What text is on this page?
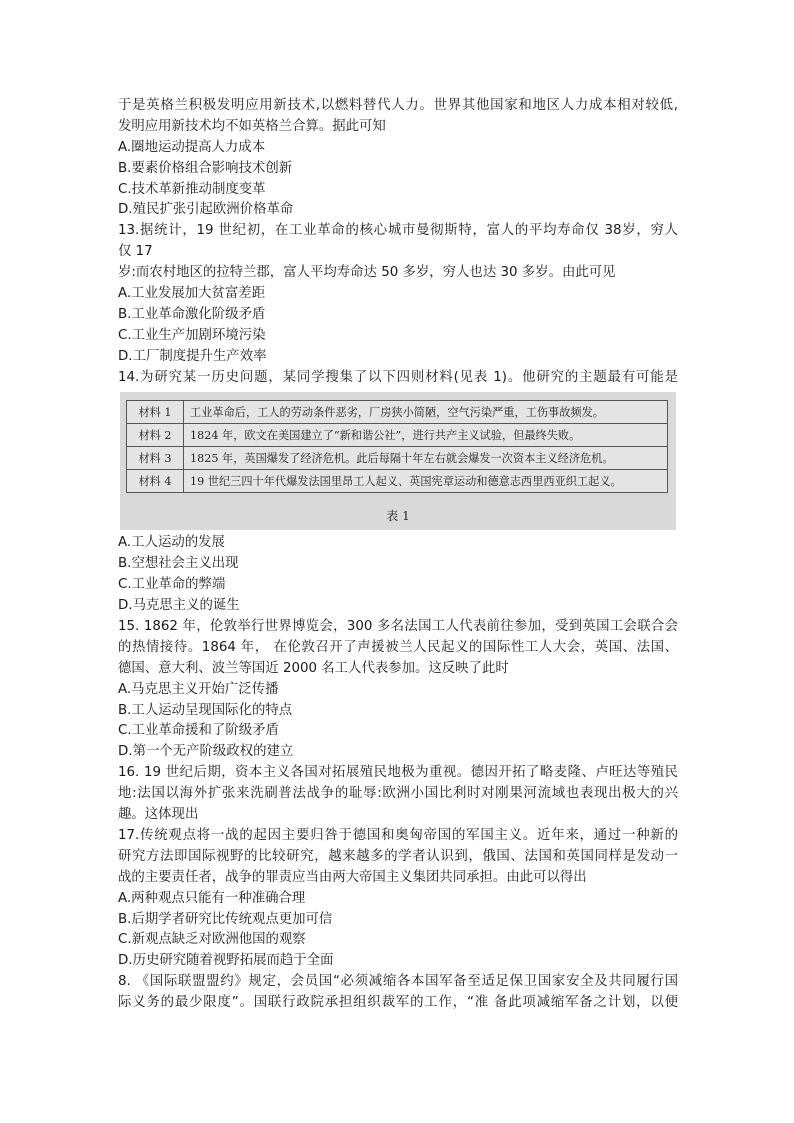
于是英格兰积极发明应用新技术,以燃料替代人力。世界其他国家和地区人力成本相对较低,
发明应用新技术均不如英格兰合算。据此可知
A.圈地运动提高人力成本
B.要素价格组合影响技术创新
C.技术革新推动制度变革
D.殖民扩张引起欧洲价格革命
13.据统计，19 世纪初，在工业革命的核心城市曼彻斯特，富人的平均寿命仅 38岁，穷人
仅 17
岁:而农村地区的拉特兰郡，富人平均寿命达 50 多岁，穷人也达 30 多岁。由此可见
A.工业发展加大贫富差距
B.工业革命激化阶级矛盾
C.工业生产加剧环境污染
D.工厂制度提升生产效率
14.为研究某一历史问题，某同学搜集了以下四则材料(见表 1)。他研究的主题最有可能是
材料 1	工业革命后，工人的劳动条件恶劣，厂房狭小简陋，空气污染严重，工伤事故频发。
材料 2	1824 年，欧文在美国建立了“新和谐公社”，进行共产主义试验，但最终失败。
材料 3	1825 年，英国爆发了经济危机。此后每隔十年左右就会爆发一次资本主义经济危机。
材料 4	19 世纪三四十年代爆发法国里昂工人起义、英国宪章运动和德意志西里西亚织工起义。
表 1
A.工人运动的发展
B.空想社会主义出现
C.工业革命的弊端
D.马克思主义的诞生
15. 1862 年，伦敦举行世界博览会，300 多名法国工人代表前往参加，受到英国工会联合会
的热情接待。1864 年， 在伦敦召开了声援被兰人民起义的国际性工人大会，英国、法国、
德国、意大利、波兰等国近 2000 名工人代表参加。这反映了此时
A.马克思主义开始广泛传播
B.工人运动呈现国际化的特点
C.工业革命援和了阶级矛盾
D.第一个无产阶级政权的建立
16. 19 世纪后期，资本主义各国对拓展殖民地极为重视。德因开拓了略麦隆、卢旺达等殖民
地:法国以海外扩张来洗刷普法战争的耻辱:欧洲小国比利时对刚果河流域也表现出极大的兴
趣。这体现出
17.传统观点将一战的起因主要归咎于德国和奥匈帝国的军国主义。近年来，通过一种新的
研究方法即国际视野的比较研究，越来越多的学者认识到，俄国、法国和英国同样是发动一
战的主要责任者，战争的罪责应当由两大帝国主义集团共同承担。由此可以得出
A.两种观点只能有一种准确合理
B.后期学者研究比传统观点更加可信
C.新观点缺乏对欧洲他国的观察
D.历史研究随着视野拓展而趋于全面
8. 《国际联盟盟约》规定，会员国“必须减缩各本国军备至适足保卫国家安全及共同履行国
际义务的最少限度”。国联行政院承担组织裁军的工作，“准 备此项减缩军备之计划，以便
